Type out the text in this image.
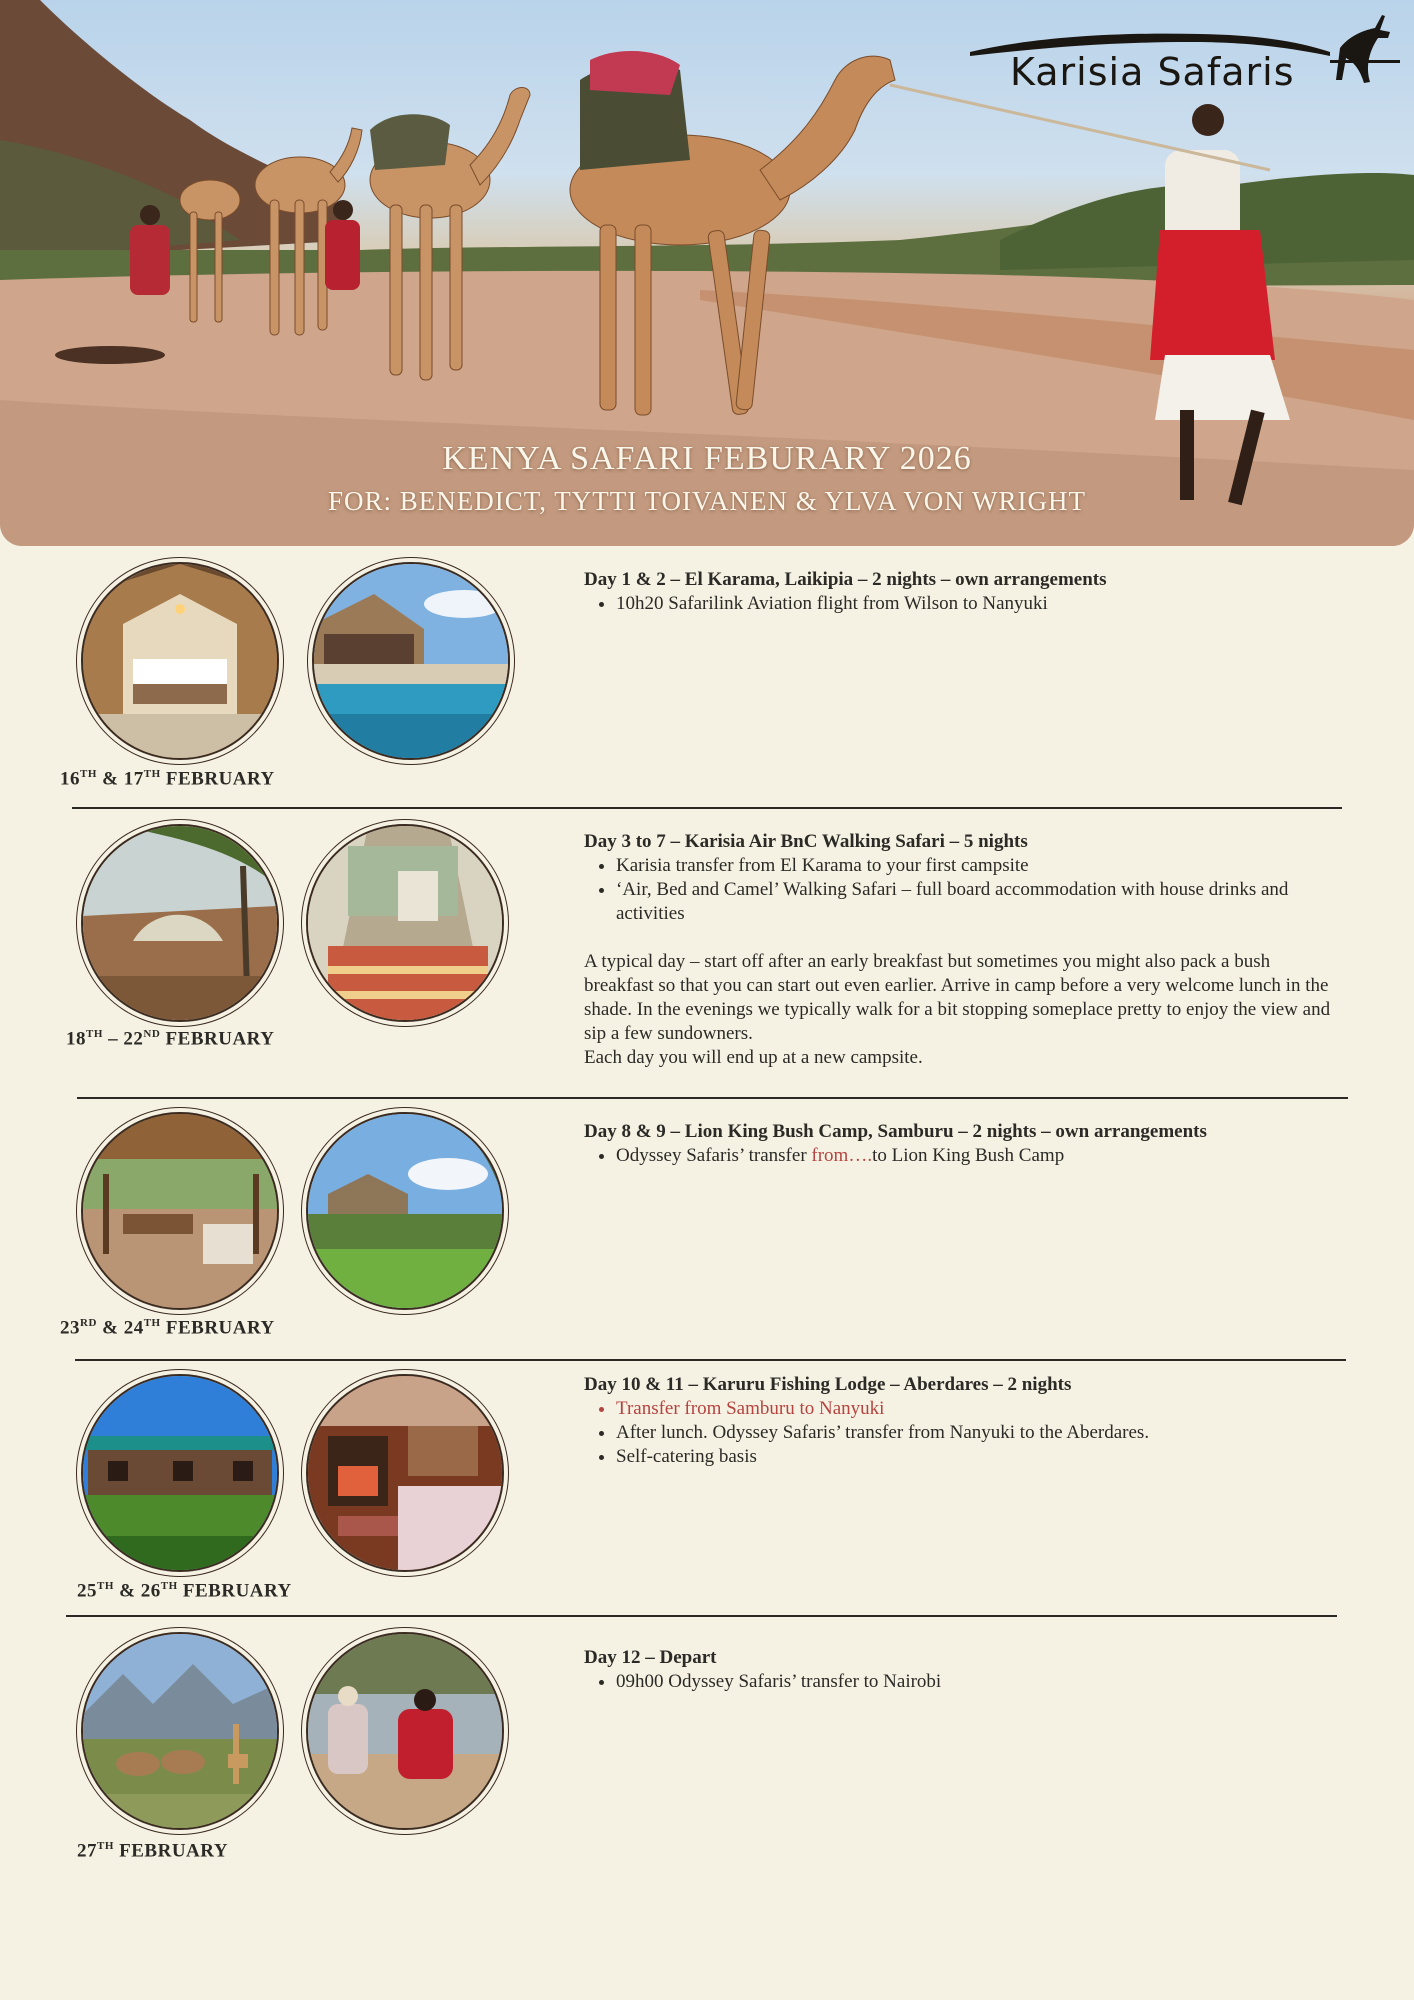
Karisia Safaris
KENYA SAFARI FEBURARY 2026
FOR: BENEDICT, TYTTI TOIVANEN & YLVA VON WRIGHT
16TH & 17TH FEBRUARY
Day 1 & 2 – El Karama, Laikipia – 2 nights – own arrangements
• 10h20 Safarilink Aviation flight from Wilson to Nanyuki
18TH – 22ND FEBRUARY
Day 3 to 7 – Karisia Air BnC Walking Safari – 5 nights
• Karisia transfer from El Karama to your first campsite
• ‘Air, Bed and Camel’ Walking Safari – full board accommodation with house drinks and activities

A typical day – start off after an early breakfast but sometimes you might also pack a bush breakfast so that you can start out even earlier. Arrive in camp before a very welcome lunch in the shade. In the evenings we typically walk for a bit stopping someplace pretty to enjoy the view and sip a few sundowners.

Each day you will end up at a new campsite.

23RD & 24TH FEBRUARY
Day 8 & 9 – Lion King Bush Camp, Samburu – 2 nights – own arrangements
• Odyssey Safaris’ transfer from….to Lion King Bush Camp
25TH & 26TH FEBRUARY
Day 10 & 11 – Karuru Fishing Lodge – Aberdares – 2 nights
• Transfer from Samburu to Nanyuki
• After lunch. Odyssey Safaris’ transfer from Nanyuki to the Aberdares.
• Self-catering basis
27TH FEBRUARY
Day 12 – Depart
• 09h00 Odyssey Safaris’ transfer to Nairobi
